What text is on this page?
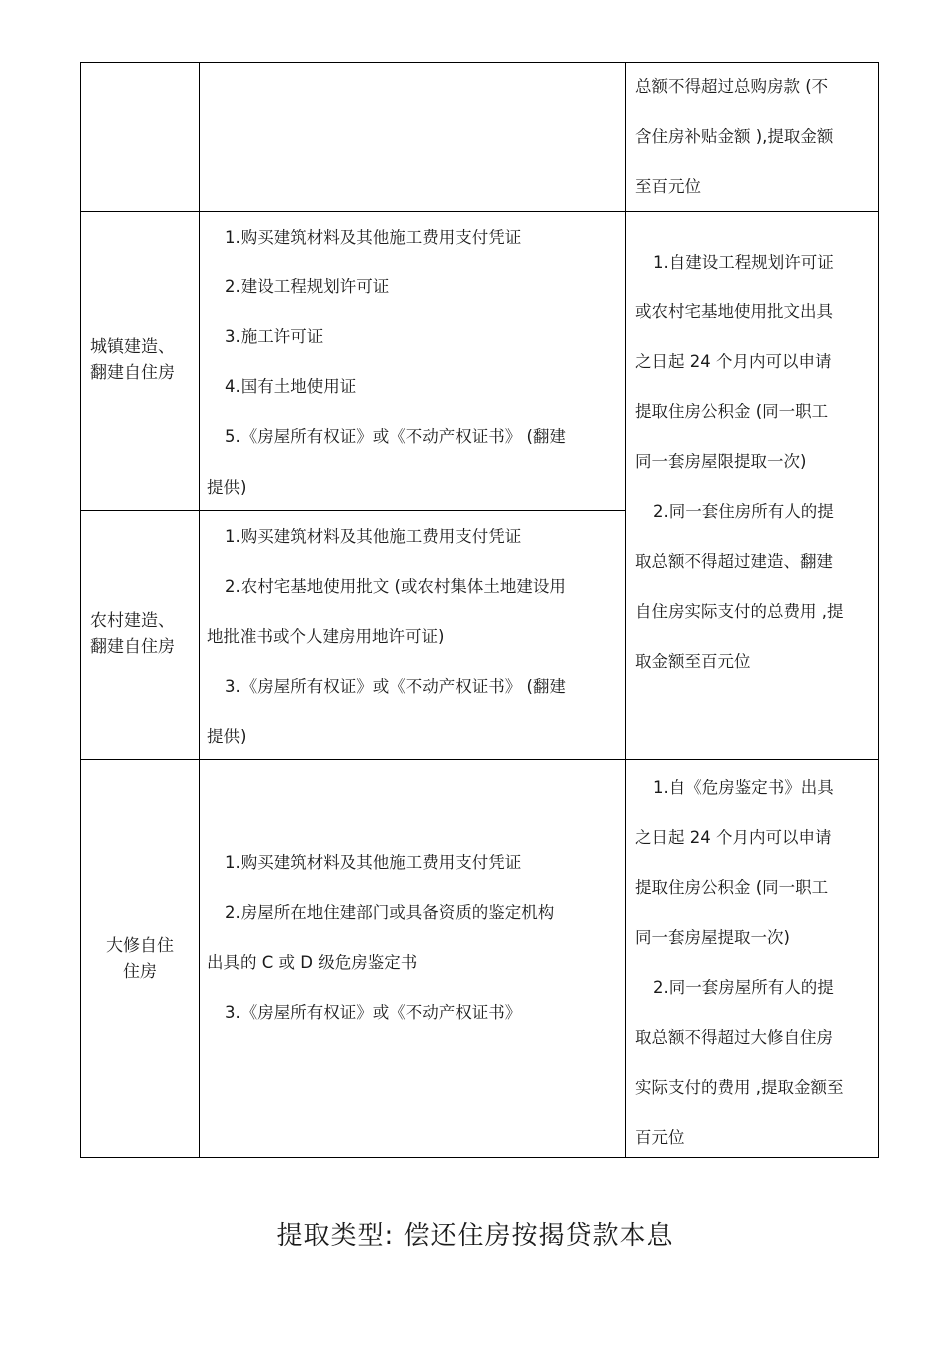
总额不得超过总购房款 (不
含住房补贴金额 ),提取金额
至百元位
城镇建造、
翻建自住房
1.购买建筑材料及其他施工费用支付凭证
2.建设工程规划许可证
3.施工许可证
4.国有土地使用证
5.《房屋所有权证》或《不动产权证书》 (翻建
提供)
1.自建设工程规划许可证
或农村宅基地使用批文出具
之日起 24 个月内可以申请
提取住房公积金 (同一职工
同一套房屋限提取一次)
2.同一套住房所有人的提
取总额不得超过建造、翻建
自住房实际支付的总费用 ,提
取金额至百元位
农村建造、
翻建自住房
1.购买建筑材料及其他施工费用支付凭证
2.农村宅基地使用批文 (或农村集体土地建设用
地批准书或个人建房用地许可证)
3.《房屋所有权证》或《不动产权证书》 (翻建
提供)
大修自住
住房
1.购买建筑材料及其他施工费用支付凭证
2.房屋所在地住建部门或具备资质的鉴定机构
出具的 C 或 D 级危房鉴定书
3.《房屋所有权证》或《不动产权证书》
1.自《危房鉴定书》出具
之日起 24 个月内可以申请
提取住房公积金 (同一职工
同一套房屋提取一次)
2.同一套房屋所有人的提
取总额不得超过大修自住房
实际支付的费用 ,提取金额至
百元位
提取类型: 偿还住房按揭贷款本息
